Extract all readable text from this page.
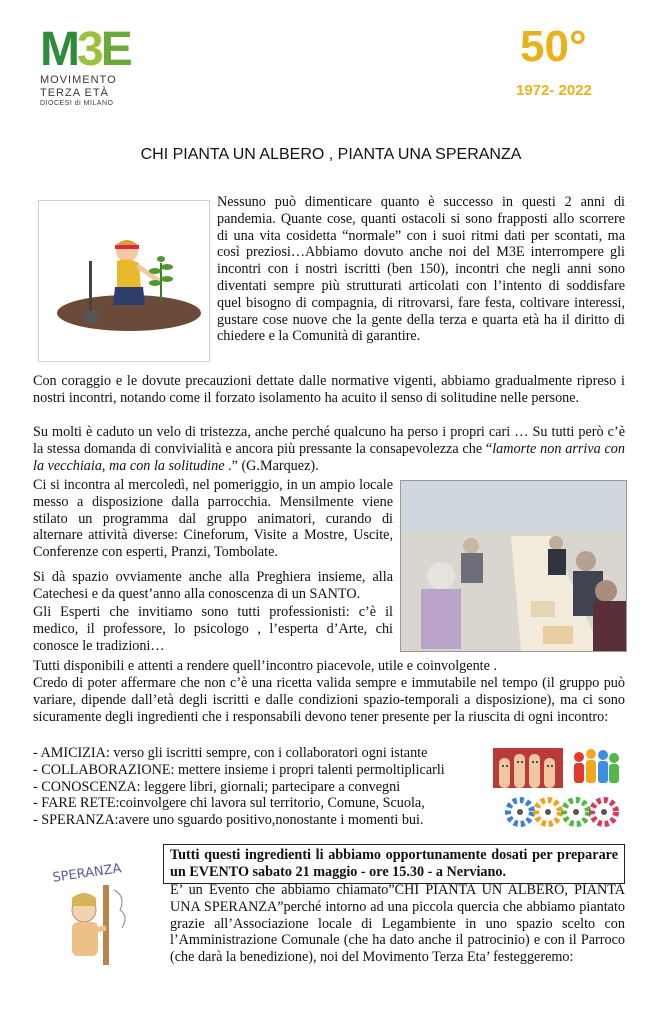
M3E
MOVIMENTO
TERZA ETÀ
DIOCESI di MILANO
50°
1972- 2022
CHI PIANTA UN ALBERO , PIANTA UNA SPERANZA

Nessuno può dimenticare quanto è successo in questi 2 anni di pandemia. Quante cose, quanti ostacoli si sono frapposti allo scorrere di una vita cosidetta “normale” con i suoi ritmi dati per scontati, ma così preziosi…Abbiamo dovuto anche noi del M3E interrompere gli incontri con i nostri iscritti (ben 150), incontri che negli anni sono diventati sempre più strutturati articolati con l’intento di soddisfare quel bisogno di compagnia, di ritrovarsi, fare festa, coltivare interessi, gustare cose nuove che la gente della terza e quarta età ha il diritto di chiedere e la Comunità di garantire.

Con coraggio e le dovute precauzioni dettate dalle normative vigenti, abbiamo gradualmente ripreso i nostri incontri, notando come il forzato isolamento ha acuito il senso di solitudine nelle persone.

Su molti è caduto un velo di tristezza, anche perché qualcuno ha perso i propri cari … Su tutti però c’è la stessa domanda di convivialità e ancora più pressante la consapevolezza che “lamorte non arriva con la vecchiaia, ma con la solitudine .” (G.Marquez).

Ci si incontra al mercoledì, nel pomeriggio, in un ampio locale messo a disposizione dalla parrocchia. Mensilmente viene stilato un programma dal gruppo animatori, curando di alternare attività diverse: Cineforum, Visite a Mostre, Uscite, Conferenze con esperti, Pranzi, Tombolate.

Si dà spazio ovviamente anche alla Preghiera insieme, alla Catechesi e da quest’anno alla conoscenza di un SANTO.

Gli Esperti che invitiamo sono tutti professionisti: c’è il medico, il professore, lo psicologo , l’esperta d’Arte, chi conosce le tradizioni…

Tutti disponibili e attenti a rendere quell’incontro piacevole, utile e coinvolgente .

Credo di poter affermare che non c’è una ricetta valida sempre e immutabile nel tempo (il gruppo può variare, dipende dall’età degli iscritti e dalle condizioni spazio-temporali a disposizione), ma ci sono sicuramente degli ingredienti che i responsabili devono tener presente per la riuscita di ogni incontro:

- AMICIZIA: verso gli iscritti sempre, con i collaboratori ogni istante
- COLLABORAZIONE: mettere insieme i propri talenti permoltiplicarli
- CONOSCENZA: leggere libri, giornali; partecipare a convegni
- FARE RETE:coinvolgere chi lavora sul territorio, Comune, Scuola,
- SPERANZA:avere uno sguardo positivo,nonostante i momenti bui.
SPERANZA
Tutti questi ingredienti li abbiamo opportunamente dosati per preparare un EVENTO sabato 21 maggio - ore 15.30 - a Nerviano.

E’ un Evento che abbiamo chiamato”CHI PIANTA UN ALBERO, PIANTA UNA SPERANZA”perché intorno ad una piccola quercia che abbiamo piantato grazie all’Associazione locale di Legambiente in uno spazio scelto con l’Amministrazione Comunale (che ha dato anche il patrocinio) e con il Parroco (che darà la benedizione), noi del Movimento Terza Eta’ festeggeremo:
